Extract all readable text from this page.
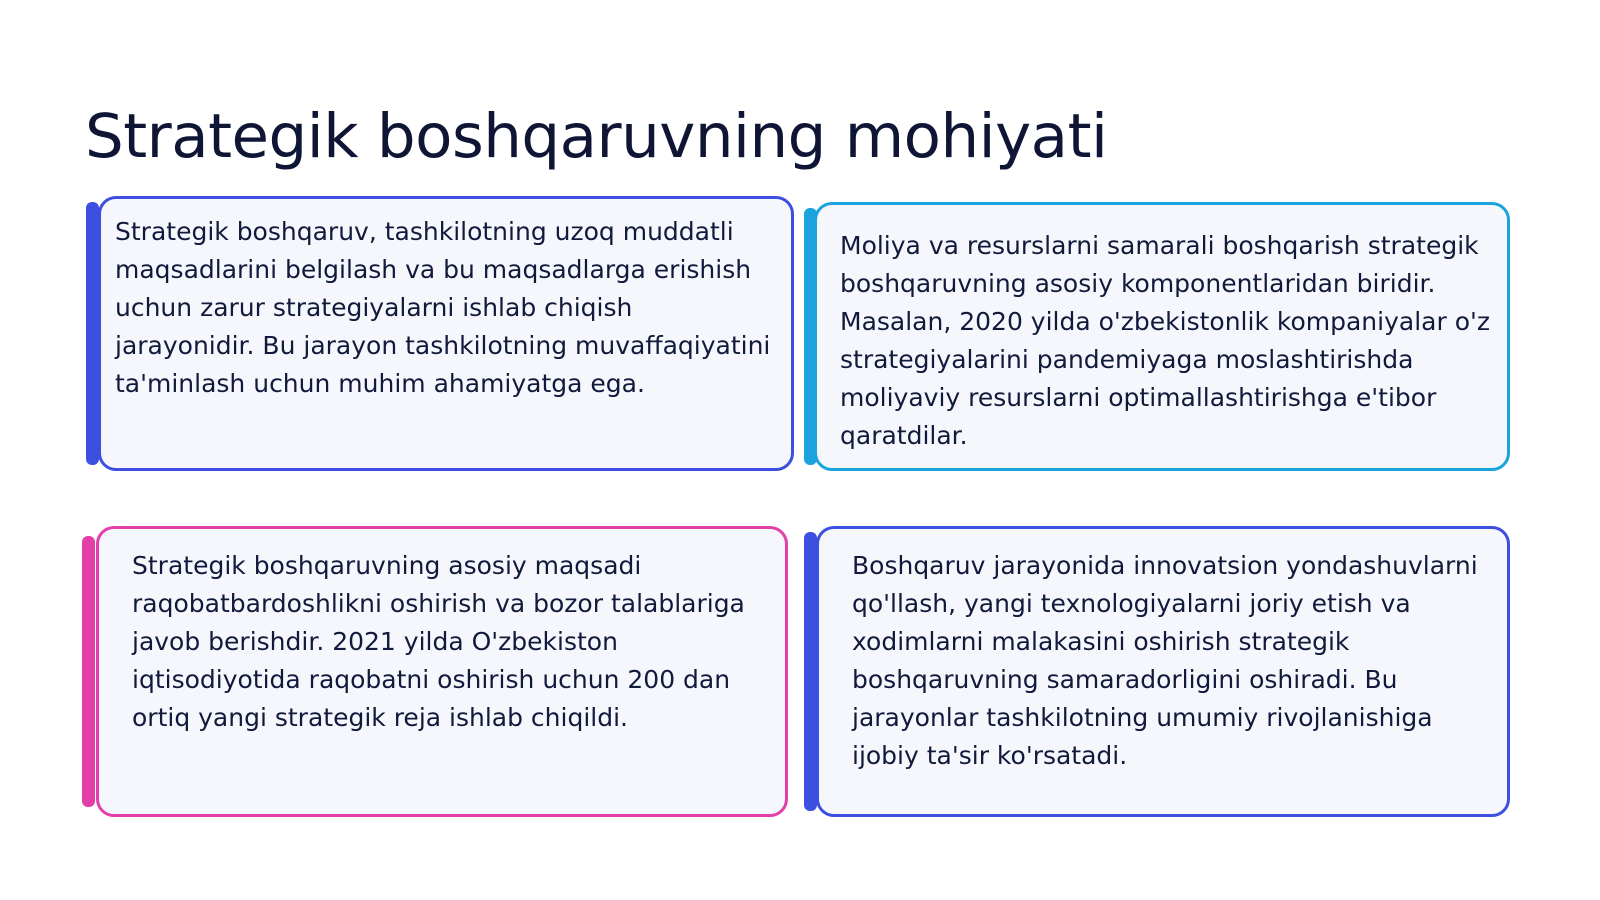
Strategik boshqaruvning mohiyati

Strategik boshqaruv, tashkilotning uzoq muddatli maqsadlarini belgilash va bu maqsadlarga erishish uchun zarur strategiyalarni ishlab chiqish jarayonidir. Bu jarayon tashkilotning muvaffaqiyatini ta'minlash uchun muhim ahamiyatga ega.

Moliya va resurslarni samarali boshqarish strategik boshqaruvning asosiy komponentlaridan biridir. Masalan, 2020 yilda o'zbekistonlik kompaniyalar o'z strategiyalarini pandemiyaga moslashtirishda moliyaviy resurslarni optimallashtirishga e'tibor qaratdilar.

Strategik boshqaruvning asosiy maqsadi raqobatbardoshlikni oshirish va bozor talablariga javob berishdir. 2021 yilda O'zbekiston iqtisodiyotida raqobatni oshirish uchun 200 dan ortiq yangi strategik reja ishlab chiqildi.

Boshqaruv jarayonida innovatsion yondashuvlarni qo'llash, yangi texnologiyalarni joriy etish va xodimlarni malakasini oshirish strategik boshqaruvning samaradorligini oshiradi. Bu jarayonlar tashkilotning umumiy rivojlanishiga ijobiy ta'sir ko'rsatadi.
